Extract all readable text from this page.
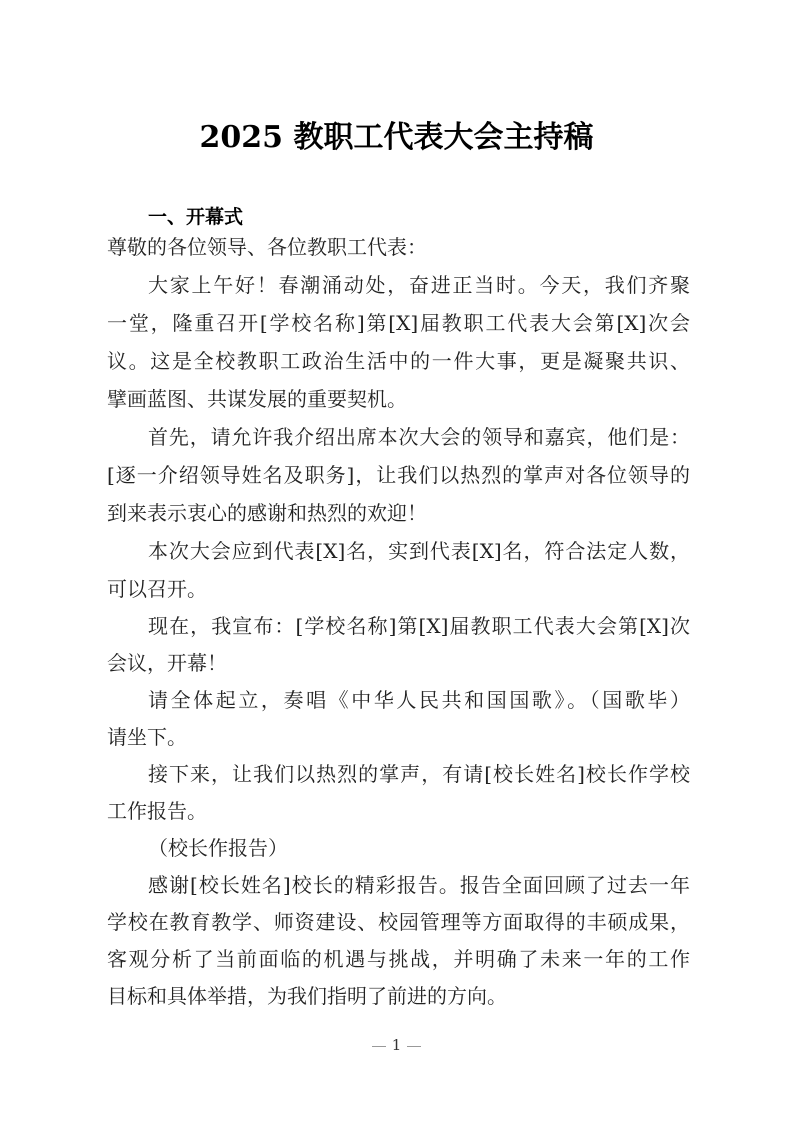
2025 教职工代表大会主持稿
一、开幕式
尊敬的各位领导、各位教职工代表：
大家上午好！春潮涌动处，奋进正当时。今天，我们齐聚
一堂，隆重召开[学校名称]第[X]届教职工代表大会第[X]次会
议。这是全校教职工政治生活中的一件大事，更是凝聚共识、
擘画蓝图、共谋发展的重要契机。
首先，请允许我介绍出席本次大会的领导和嘉宾，他们是：
[逐一介绍领导姓名及职务]，让我们以热烈的掌声对各位领导的
到来表示衷心的感谢和热烈的欢迎！
本次大会应到代表[X]名，实到代表[X]名，符合法定人数，
可以召开。
现在，我宣布：[学校名称]第[X]届教职工代表大会第[X]次
会议，开幕！
请全体起立，奏唱《中华人民共和国国歌》。（国歌毕）
请坐下。
接下来，让我们以热烈的掌声，有请[校长姓名]校长作学校
工作报告。
（校长作报告）
感谢[校长姓名]校长的精彩报告。报告全面回顾了过去一年
学校在教育教学、师资建设、校园管理等方面取得的丰硕成果，
客观分析了当前面临的机遇与挑战，并明确了未来一年的工作
目标和具体举措，为我们指明了前进的方向。
1
